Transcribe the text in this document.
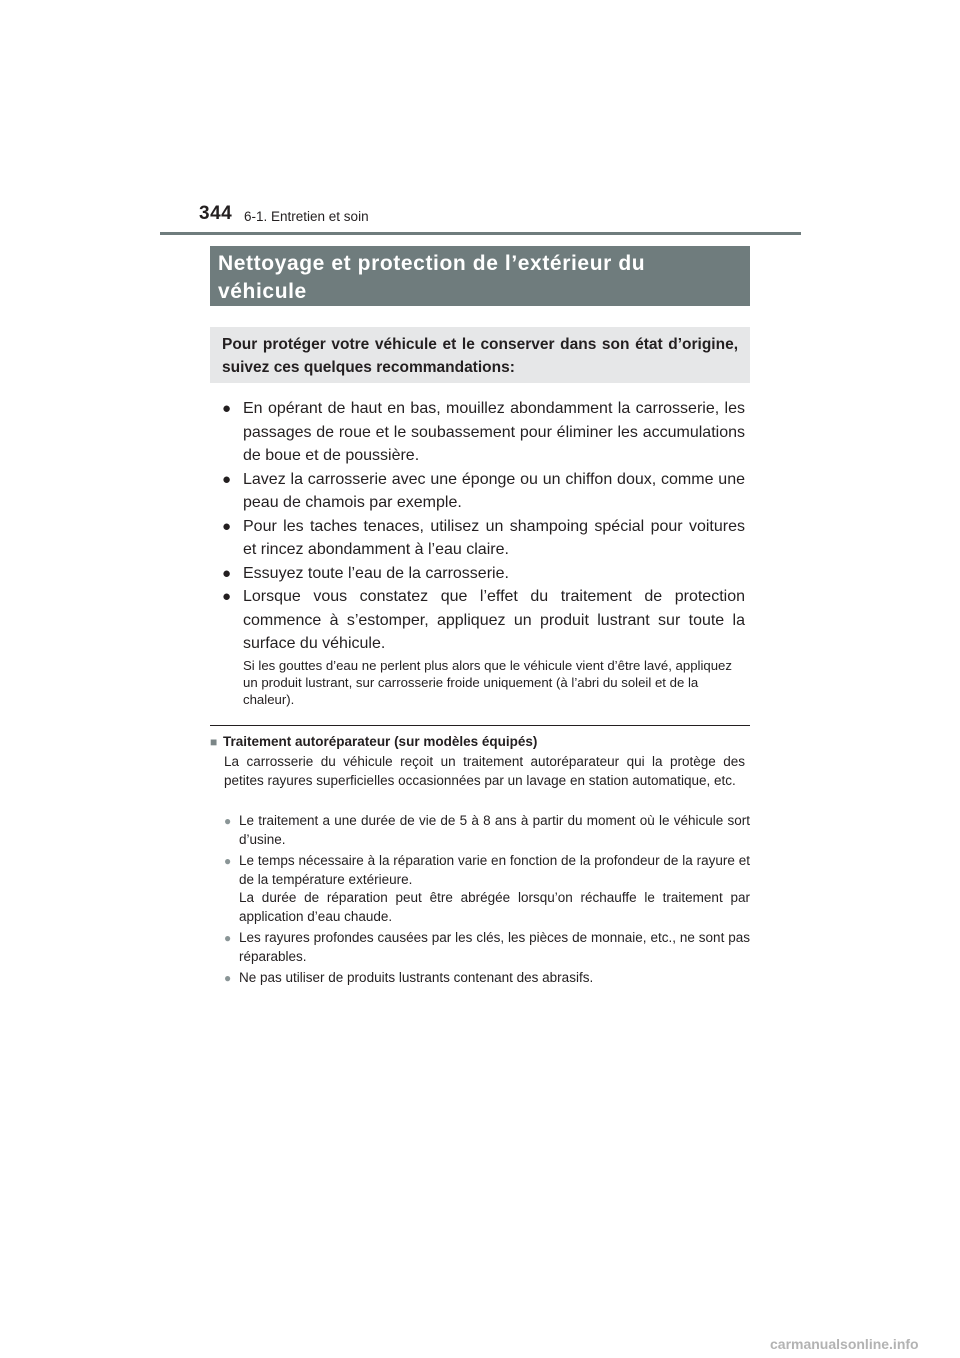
344 6-1. Entretien et soin
Nettoyage et protection de l’extérieur du véhicule

Pour protéger votre véhicule et le conserver dans son état d’origine, suivez ces quelques recommandations:

● En opérant de haut en bas, mouillez abondamment la carrosserie, les passages de roue et le soubassement pour éliminer les accumulations de boue et de poussière.
● Lavez la carrosserie avec une éponge ou un chiffon doux, comme une peau de chamois par exemple.
● Pour les taches tenaces, utilisez un shampoing spécial pour voitures et rincez abondamment à l’eau claire.
● Essuyez toute l’eau de la carrosserie.
● Lorsque vous constatez que l’effet du traitement de protection commence à s’estomper, appliquez un produit lustrant sur toute la surface du véhicule.

Si les gouttes d’eau ne perlent plus alors que le véhicule vient d’être lavé, appliquez un produit lustrant, sur carrosserie froide uniquement (à l’abri du soleil et de la chaleur).

■ Traitement autoréparateur (sur modèles équipés)

La carrosserie du véhicule reçoit un traitement autoréparateur qui la protège des petites rayures superficielles occasionnées par un lavage en station automatique, etc.

● Le traitement a une durée de vie de 5 à 8 ans à partir du moment où le véhicule sort d’usine.
● Le temps nécessaire à la réparation varie en fonction de la profondeur de la rayure et de la température extérieure.
La durée de réparation peut être abrégée lorsqu’on réchauffe le traitement par application d’eau chaude.
● Les rayures profondes causées par les clés, les pièces de monnaie, etc., ne sont pas réparables.
● Ne pas utiliser de produits lustrants contenant des abrasifs.
carmanualsonline.info
